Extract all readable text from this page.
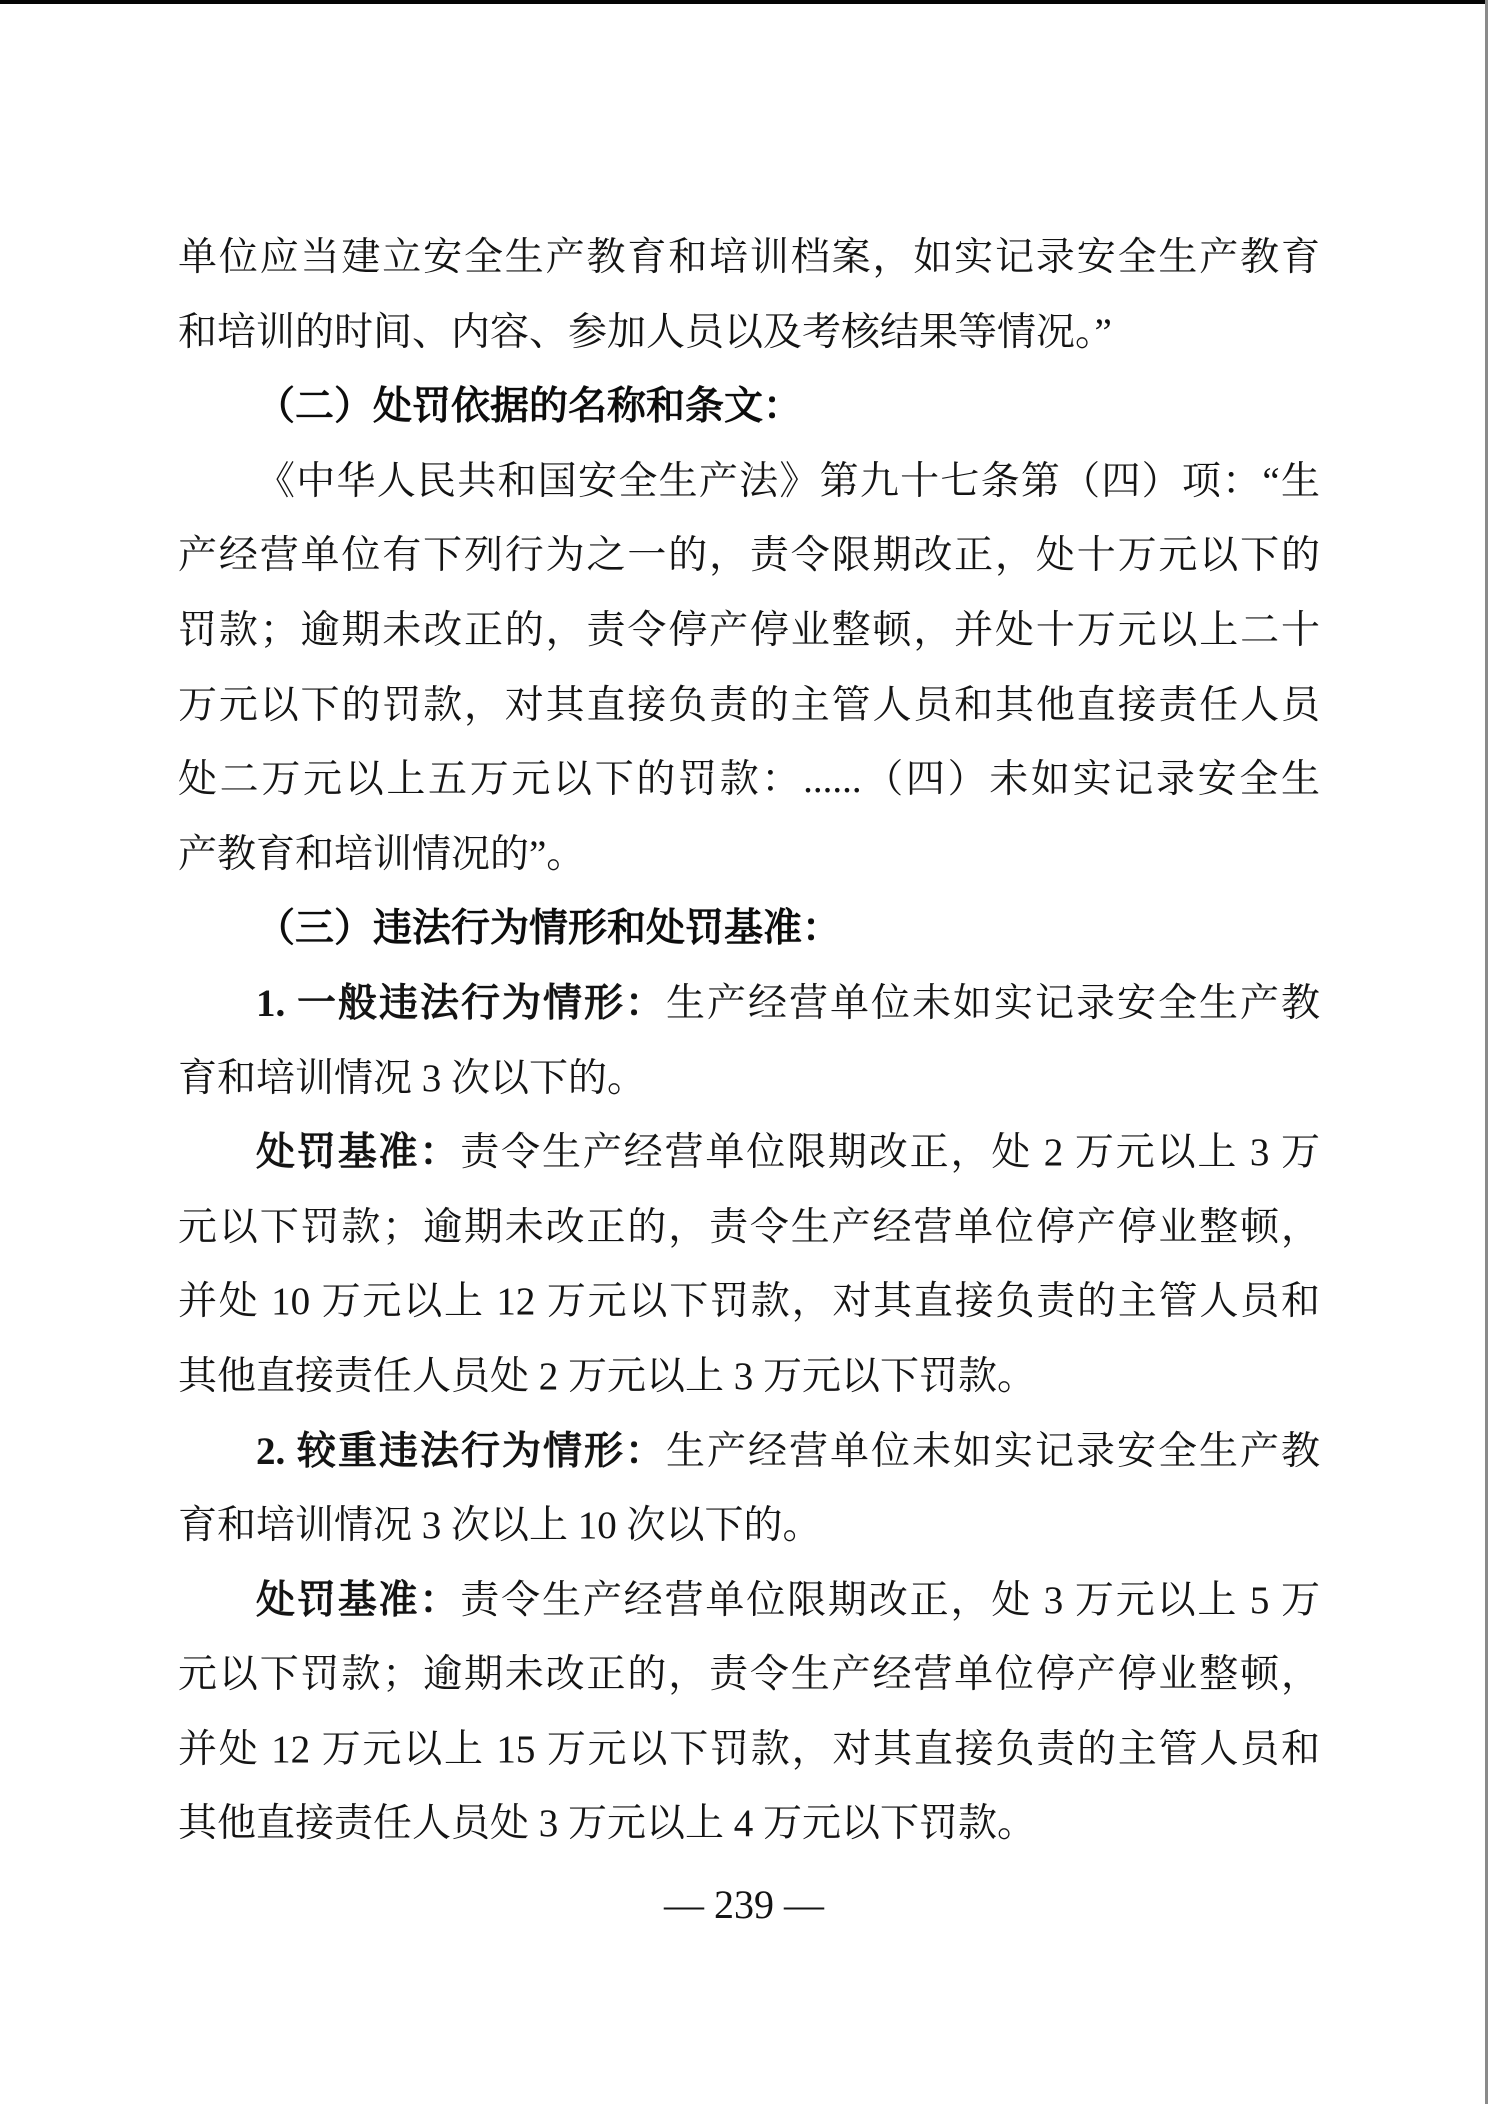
单位应当建立安全生产教育和培训档案，如实记录安全生产教育
和培训的时间、内容、参加人员以及考核结果等情况。”
（二）处罚依据的名称和条文：
《中华人民共和国安全生产法》第九十七条第（四）项：“生
产经营单位有下列行为之一的，责令限期改正，处十万元以下的
罚款；逾期未改正的，责令停产停业整顿，并处十万元以上二十
万元以下的罚款，对其直接负责的主管人员和其他直接责任人员
处二万元以上五万元以下的罚款：......（四）未如实记录安全生
产教育和培训情况的”。
（三）违法行为情形和处罚基准：
1. 一般违法行为情形：生产经营单位未如实记录安全生产教
育和培训情况 3 次以下的。
处罚基准：责令生产经营单位限期改正，处 2 万元以上 3 万
元以下罚款；逾期未改正的，责令生产经营单位停产停业整顿，
并处 10 万元以上 12 万元以下罚款，对其直接负责的主管人员和
其他直接责任人员处 2 万元以上 3 万元以下罚款。
2. 较重违法行为情形：生产经营单位未如实记录安全生产教
育和培训情况 3 次以上 10 次以下的。
处罚基准：责令生产经营单位限期改正，处 3 万元以上 5 万
元以下罚款；逾期未改正的，责令生产经营单位停产停业整顿，
并处 12 万元以上 15 万元以下罚款，对其直接负责的主管人员和
其他直接责任人员处 3 万元以上 4 万元以下罚款。
— 239 —
